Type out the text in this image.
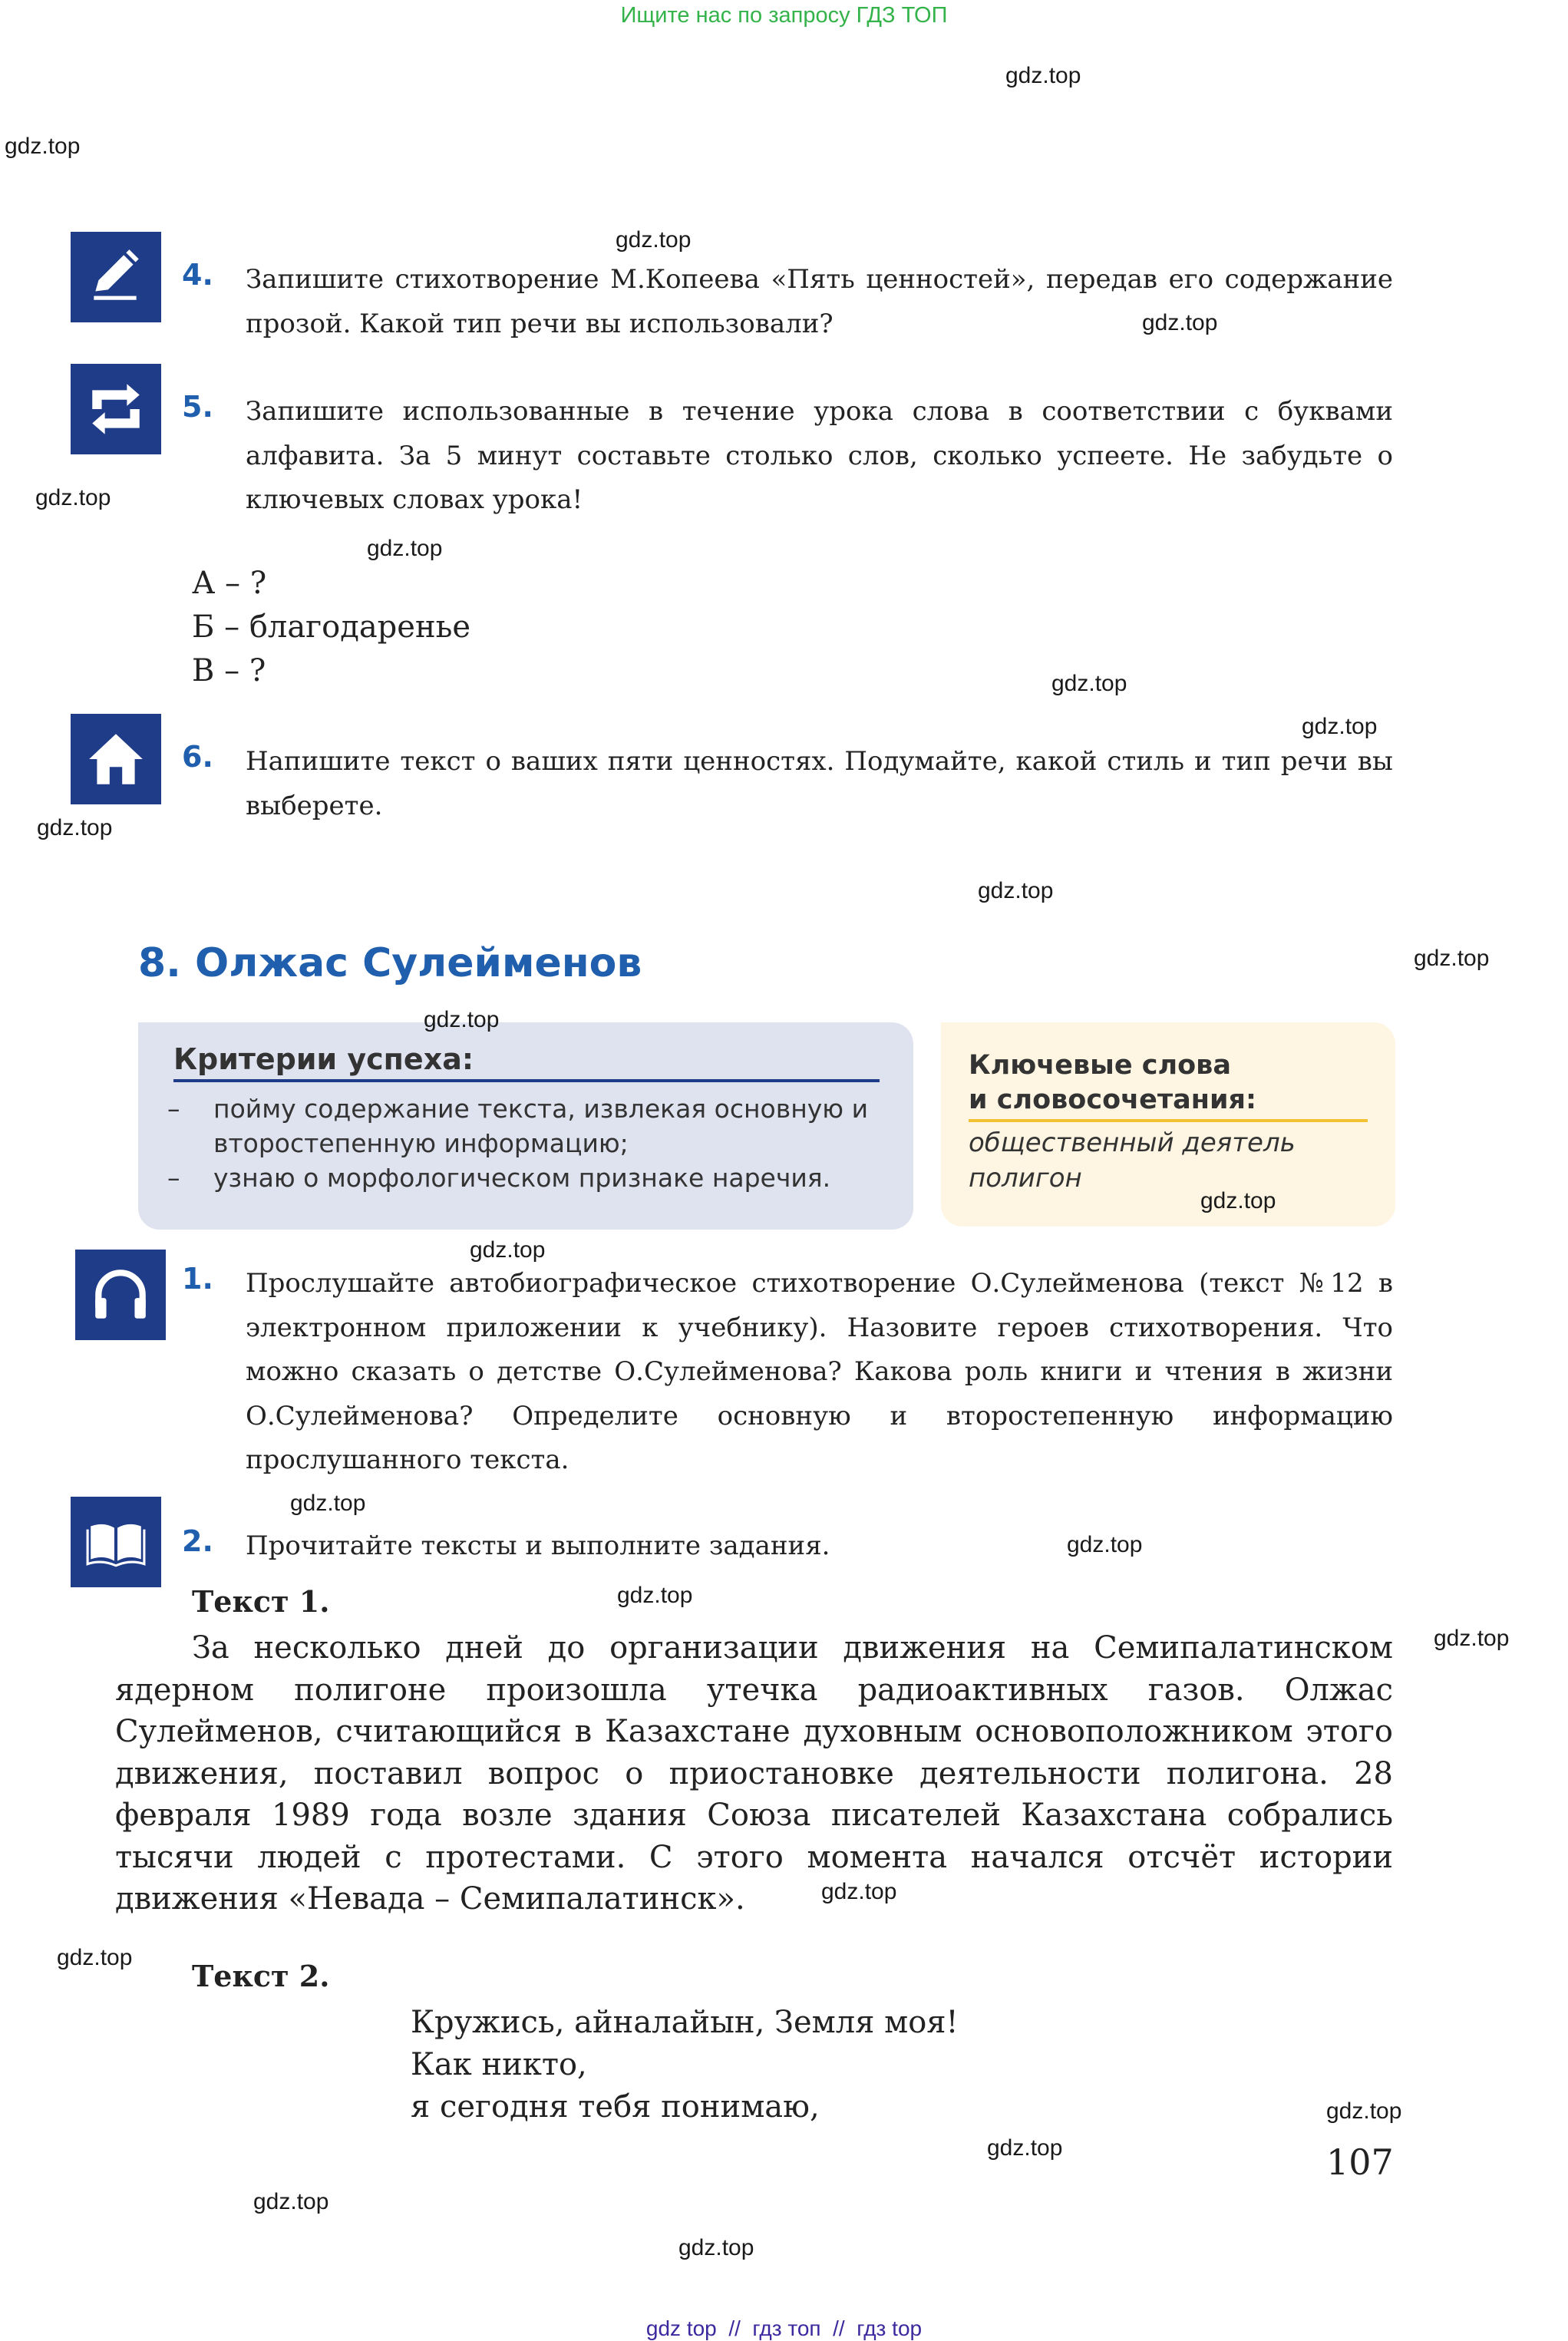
Ищите нас по запросу ГДЗ ТОП
4. Запишите стихотворение М.Копеева «Пять ценностей», передав его содержание прозой. Какой тип речи вы использовали?
5. Запишите использованные в течение урока слова в соответствии с буквами алфавита. За 5 минут составьте столько слов, сколько успеете. Не забудьте о ключевых словах урока!
А – ?
Б – благодаренье
В – ?
6. Напишите текст о ваших пяти ценностях. Подумайте, какой стиль и тип речи вы выберете.
8. Олжас Сулейменов
Критерии успеха:
– пойму содержание текста, извлекая основную и второстепенную информацию;
– узнаю о морфологическом признаке наречия.
Ключевые слова
и словосочетания:
общественный деятель
полигон
1. Прослушайте автобиографическое стихотворение О.Сулейменова (текст №12 в электронном приложении к учебнику). Назовите героев стихотворения. Что можно сказать о детстве О.Сулейменова? Какова роль книги и чтения в жизни О.Сулейменова? Определите основную и второстепенную информацию прослушанного текста.
2. Прочитайте тексты и выполните задания.
Текст 1.

За несколько дней до организации движения на Семипалатинском ядерном полигоне произошла утечка радиоактивных газов. Олжас Сулейменов, считающийся в Казахстане духовным основоположником этого движения, поставил вопрос о приостановке деятельности полигона. 28 февраля 1989 года возле здания Союза писателей Казахстана собрались тысячи людей с протестами. С этого момента начался отсчёт истории движения «Невада – Семипалатинск».

Текст 2.
Кружись, айналайын, Земля моя!
Как никто,
я сегодня тебя понимаю,
107
gdz.top
gdz.top
gdz.top
gdz.top
gdz.top
gdz.top
gdz.top
gdz.top
gdz.top
gdz.top
gdz.top
gdz.top
gdz.top
gdz.top
gdz.top
gdz.top
gdz.top
gdz.top
gdz.top
gdz.top
gdz.top
gdz.top
gdz.top
gdz.top
gdz top  //  гдз топ  //  гдз top
